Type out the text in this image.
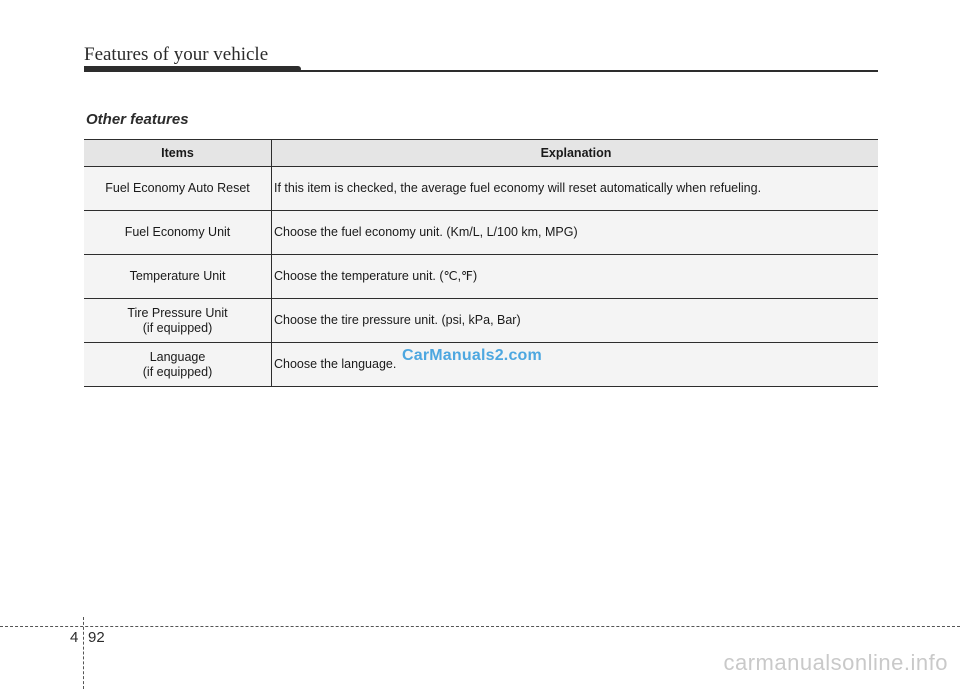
Features of your vehicle
Other features
Items	Explanation

Fuel Economy Auto Reset	If this item is checked, the average fuel economy will reset automatically when refueling.

Fuel Economy Unit	Choose the fuel economy unit. (Km/L, L/100 km, MPG)

Temperature Unit	Choose the temperature unit. (℃,℉)

Tire Pressure Unit
(if equipped)	Choose the tire pressure unit. (psi, kPa, Bar)

Language
(if equipped)	Choose the language. CarManuals2.com
4 92
carmanualsonline.info
